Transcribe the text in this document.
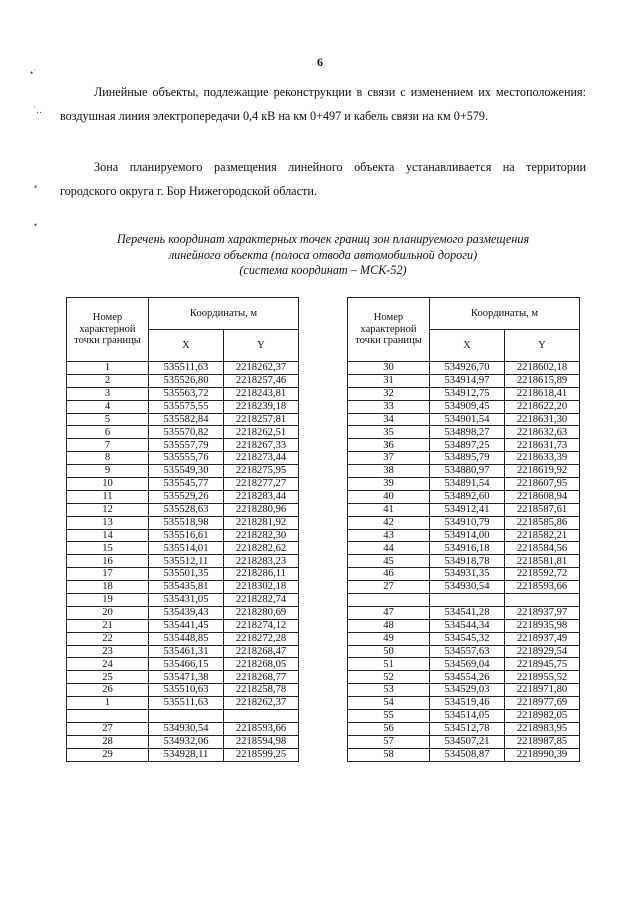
6
•˙
˙‥
•
•
Линейные объекты, подлежащие реконструкции в связи с изменением их местоположения: воздушная линия электропередачи 0,4 кВ на км 0+497 и кабель связи на км 0+579.
Зона планируемого размещения линейного объекта устанавливается на территории городского округа г. Бор Нижегородской области.
Перечень координат характерных точек границ зон планируемого размещения
линейного объекта (полоса отвода автомобильной дороги)
(система координат – МСК-52)
Номер характерной точки границы	Координаты, м	
	X	Y
1	535511,63	2218262,37
2	535526,80	2218257,46
3	535563,72	2218243,81
4	535575,55	2218239,18
5	535582,84	2218257,81
6	535570,82	2218262,51
7	535557,79	2218267,33
8	535555,76	2218273,44
9	535549,30	2218275,95
10	535545,77	2218277,27
11	535529,26	2218283,44
12	535528,63	2218280,96
13	535518,98	2218281,92
14	535516,61	2218282,30
15	535514,01	2218282,62
16	535512,11	2218283,23
17	535501,35	2218286,11
18	535435,81	2218302,18
19	535431,05	2218282,74
20	535439,43	2218280,69
21	535441,45	2218274,12
22	535448,85	2218272,28
23	535461,31	2218268,47
24	535466,15	2218268,05
25	535471,38	2218268,77
26	535510,63	2218258,78
1	535511,63	2218262,37

27	534930,54	2218593,66
28	534932,06	2218594,98
29	534928,11	2218599,25
Номер характерной точки границы	Координаты, м	
	X	Y
30	534926,70	2218602,18
31	534914,97	2218615,89
32	534912,75	2218618,41
33	534909,45	2218622,20
34	534901,54	2218631,30
35	534898,27	2218632,63
36	534897,25	2218631,73
37	534895,79	2218633,39
38	534880,97	2218619,92
39	534891,54	2218607,95
40	534892,60	2218608,94
41	534912,41	2218587,61
42	534910,79	2218585,86
43	534914,00	2218582,21
44	534916,18	2218584,56
45	534918,78	2218581,81
46	534931,35	2218592,72
27	534930,54	2218593,66

47	534541,28	2218937,97
48	534544,34	2218935,98
49	534545,32	2218937,49
50	534557,63	2218929,54
51	534569,04	2218945,75
52	534554,26	2218955,52
53	534529,03	2218971,80
54	534519,46	2218977,69
55	534514,05	2218982,05
56	534512,78	2218983,95
57	534507,21	2218987,85
58	534508,87	2218990,39
